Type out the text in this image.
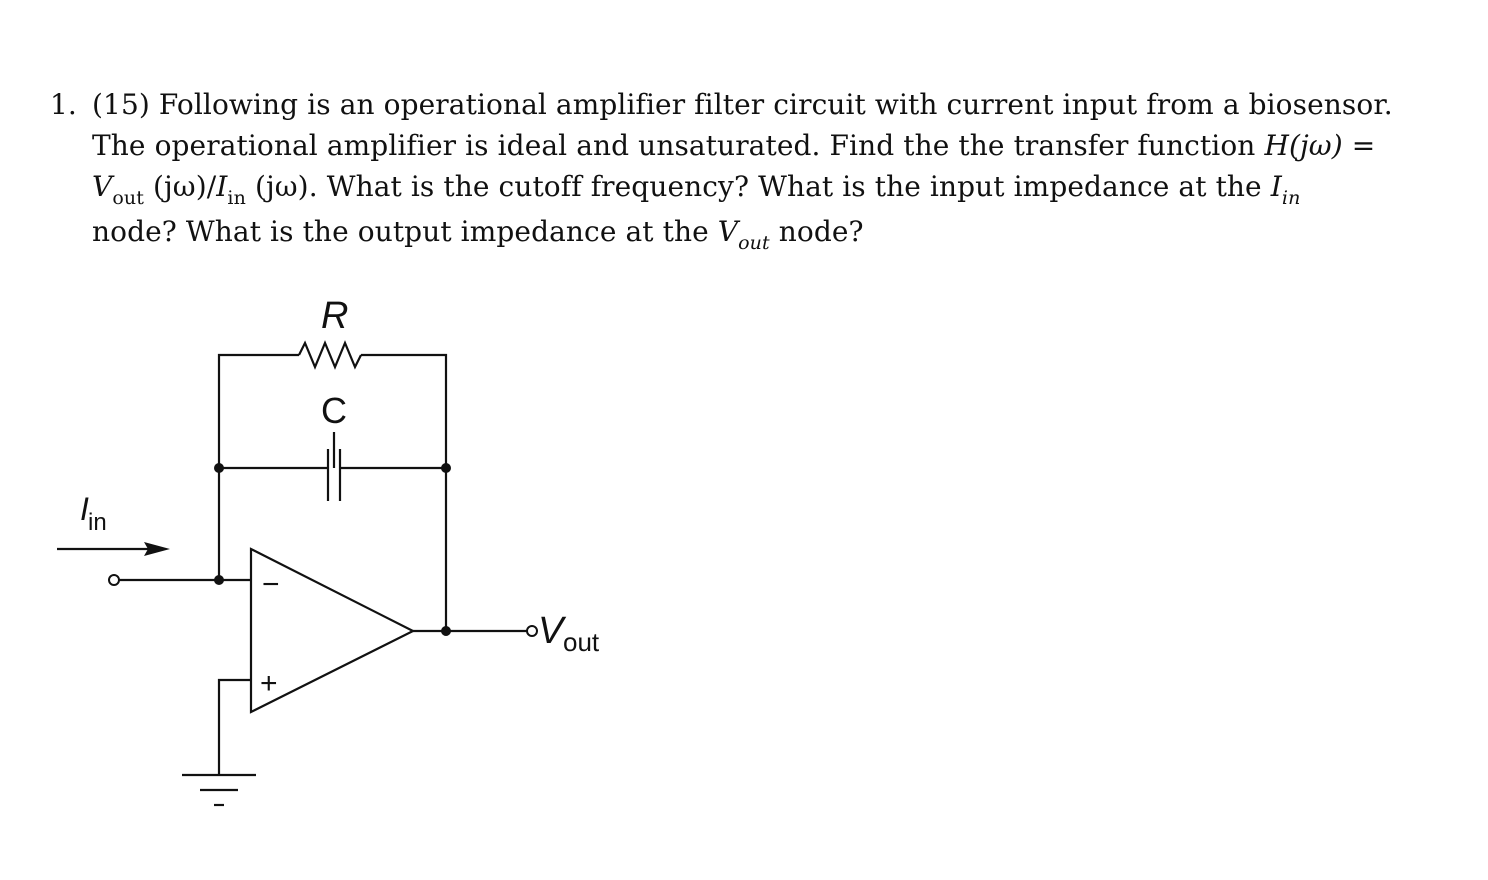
1. (15) Following is an operational amplifier filter circuit with current input from a biosensor.
The operational amplifier is ideal and unsaturated. Find the the transfer function H(jω) =
$V_{out}$ $(j\omega)/I_{in}$ (jω). What is the cutoff frequency? What is the input impedance at the $I_{in}$
node? What is the output impedance at the $V_{out}$ node?
R
C
I in
V out
−
+
